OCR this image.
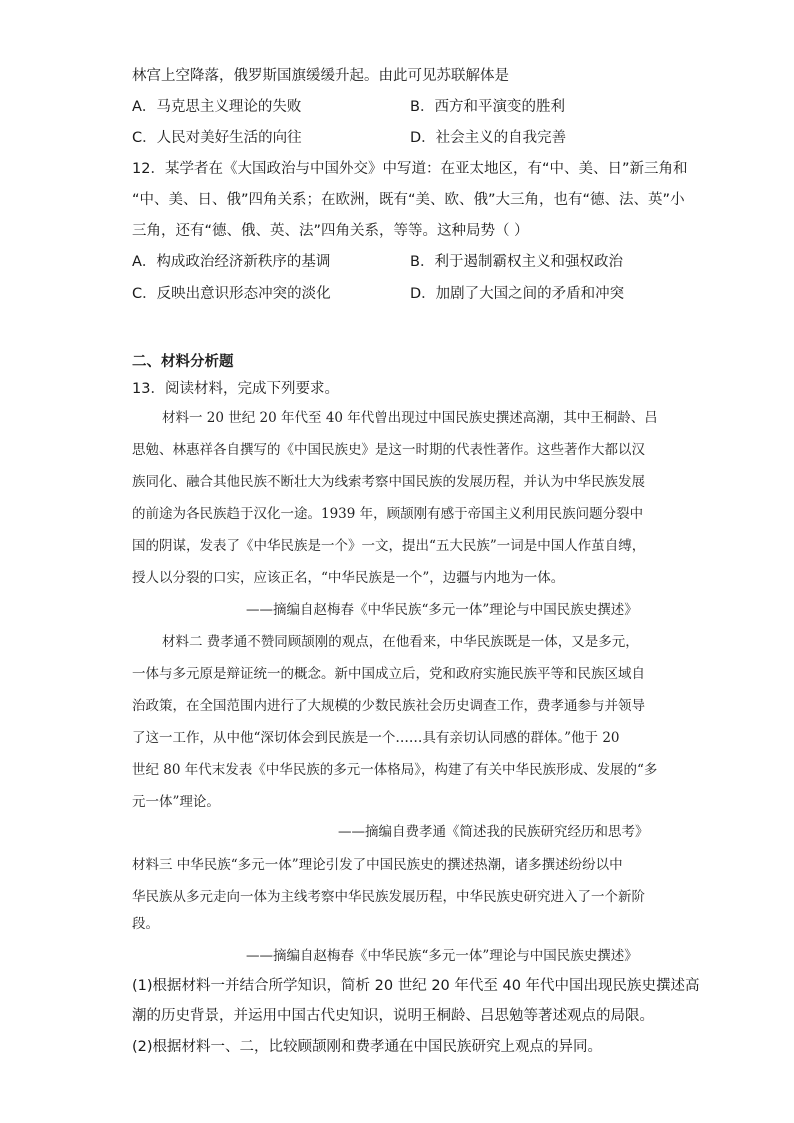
林宫上空降落，俄罗斯国旗缓缓升起。由此可见苏联解体是
A．马克思主义理论的失败	B．西方和平演变的胜利
C．人民对美好生活的向往	D．社会主义的自我完善
12．某学者在《大国政治与中国外交》中写道：在亚太地区，有“中、美、日”新三角和
“中、美、日、俄”四角关系；在欧洲，既有“美、欧、俄”大三角，也有“德、法、英”小
三角，还有“德、俄、英、法”四角关系，等等。这种局势（ ）
A．构成政治经济新秩序的基调	B．利于遏制霸权主义和强权政治
C．反映出意识形态冲突的淡化	D．加剧了大国之间的矛盾和冲突
二、材料分析题
13．阅读材料，完成下列要求。
材料一 20 世纪 20 年代至 40 年代曾出现过中国民族史撰述高潮，其中王桐龄、吕
思勉、林惠祥各自撰写的《中国民族史》是这一时期的代表性著作。这些著作大都以汉
族同化、融合其他民族不断壮大为线索考察中国民族的发展历程，并认为中华民族发展
的前途为各民族趋于汉化一途。1939 年，顾颉刚有感于帝国主义利用民族问题分裂中
国的阴谋，发表了《中华民族是一个》一文，提出“五大民族”一词是中国人作茧自缚，
授人以分裂的口实，应该正名，“中华民族是一个”，边疆与内地为一体。
——摘编自赵梅春《中华民族“多元一体”理论与中国民族史撰述》
材料二 费孝通不赞同顾颉刚的观点，在他看来，中华民族既是一体，又是多元，
一体与多元原是辩证统一的概念。新中国成立后，党和政府实施民族平等和民族区域自
治政策，在全国范围内进行了大规模的少数民族社会历史调查工作，费孝通参与并领导
了这一工作，从中他“深切体会到民族是一个……具有亲切认同感的群体。”他于 20
世纪 80 年代末发表《中华民族的多元一体格局》，构建了有关中华民族形成、发展的“多
元一体”理论。
——摘编自费孝通《简述我的民族研究经历和思考》
材料三 中华民族“多元一体”理论引发了中国民族史的撰述热潮，诸多撰述纷纷以中
华民族从多元走向一体为主线考察中华民族发展历程，中华民族史研究进入了一个新阶
段。
——摘编自赵梅春《中华民族“多元一体”理论与中国民族史撰述》
(1)根据材料一并结合所学知识，简析 20 世纪 20 年代至 40 年代中国出现民族史撰述高
潮的历史背景，并运用中国古代史知识，说明王桐龄、吕思勉等著述观点的局限。
(2)根据材料一、二，比较顾颉刚和费孝通在中国民族研究上观点的异同。
